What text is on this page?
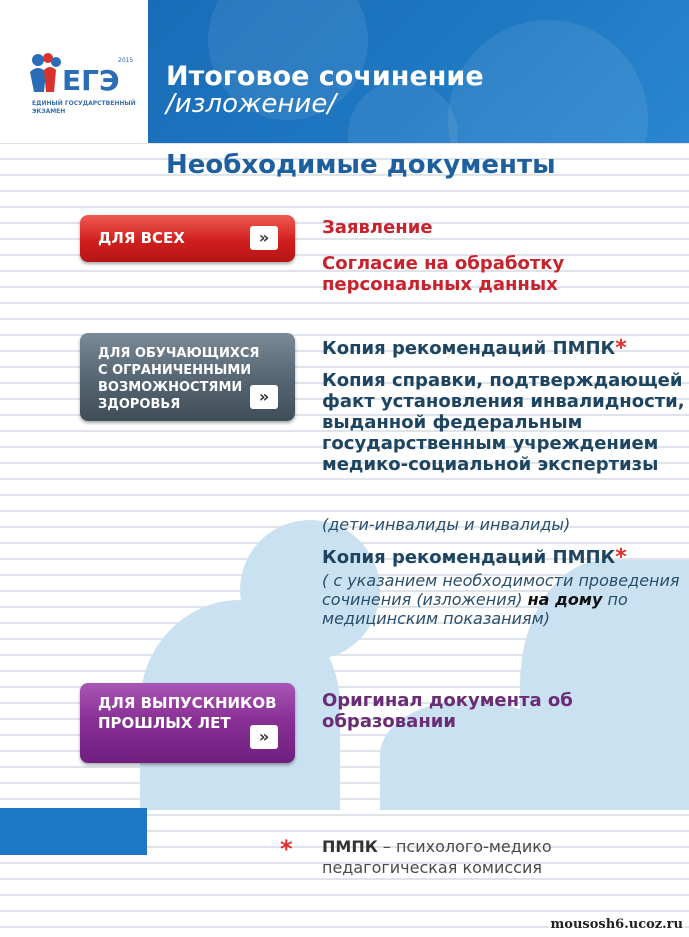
ЕГЭ
2015
ЕДИНЫЙ ГОСУДАРСТВЕННЫЙ ЭКЗАМЕН
Итоговое сочинение
/изложение/
Необходимые документы
ДЛЯ ВСЕХ	»	Заявление
Согласие на обработку персональных данных
ДЛЯ ОБУЧАЮЩИХСЯ С ОГРАНИЧЕННЫМИ ВОЗМОЖНОСТЯМИ ЗДОРОВЬЯ	»
Копия рекомендаций ПМПК*
Копия справки, подтверждающей факт установления инвалидности, выданной федеральным государственным учреждением медико-социальной экспертизы
(дети-инвалиды и инвалиды)
Копия рекомендаций ПМПК*
( с указанием необходимости проведения сочинения (изложения) на дому по медицинским показаниям)
ДЛЯ ВЫПУСКНИКОВ ПРОШЛЫХ ЛЕТ
»
Оригинал документа об образовании
* ПМПК – психолого-медико педагогическая комиссия
mousosh6.ucoz.ru
